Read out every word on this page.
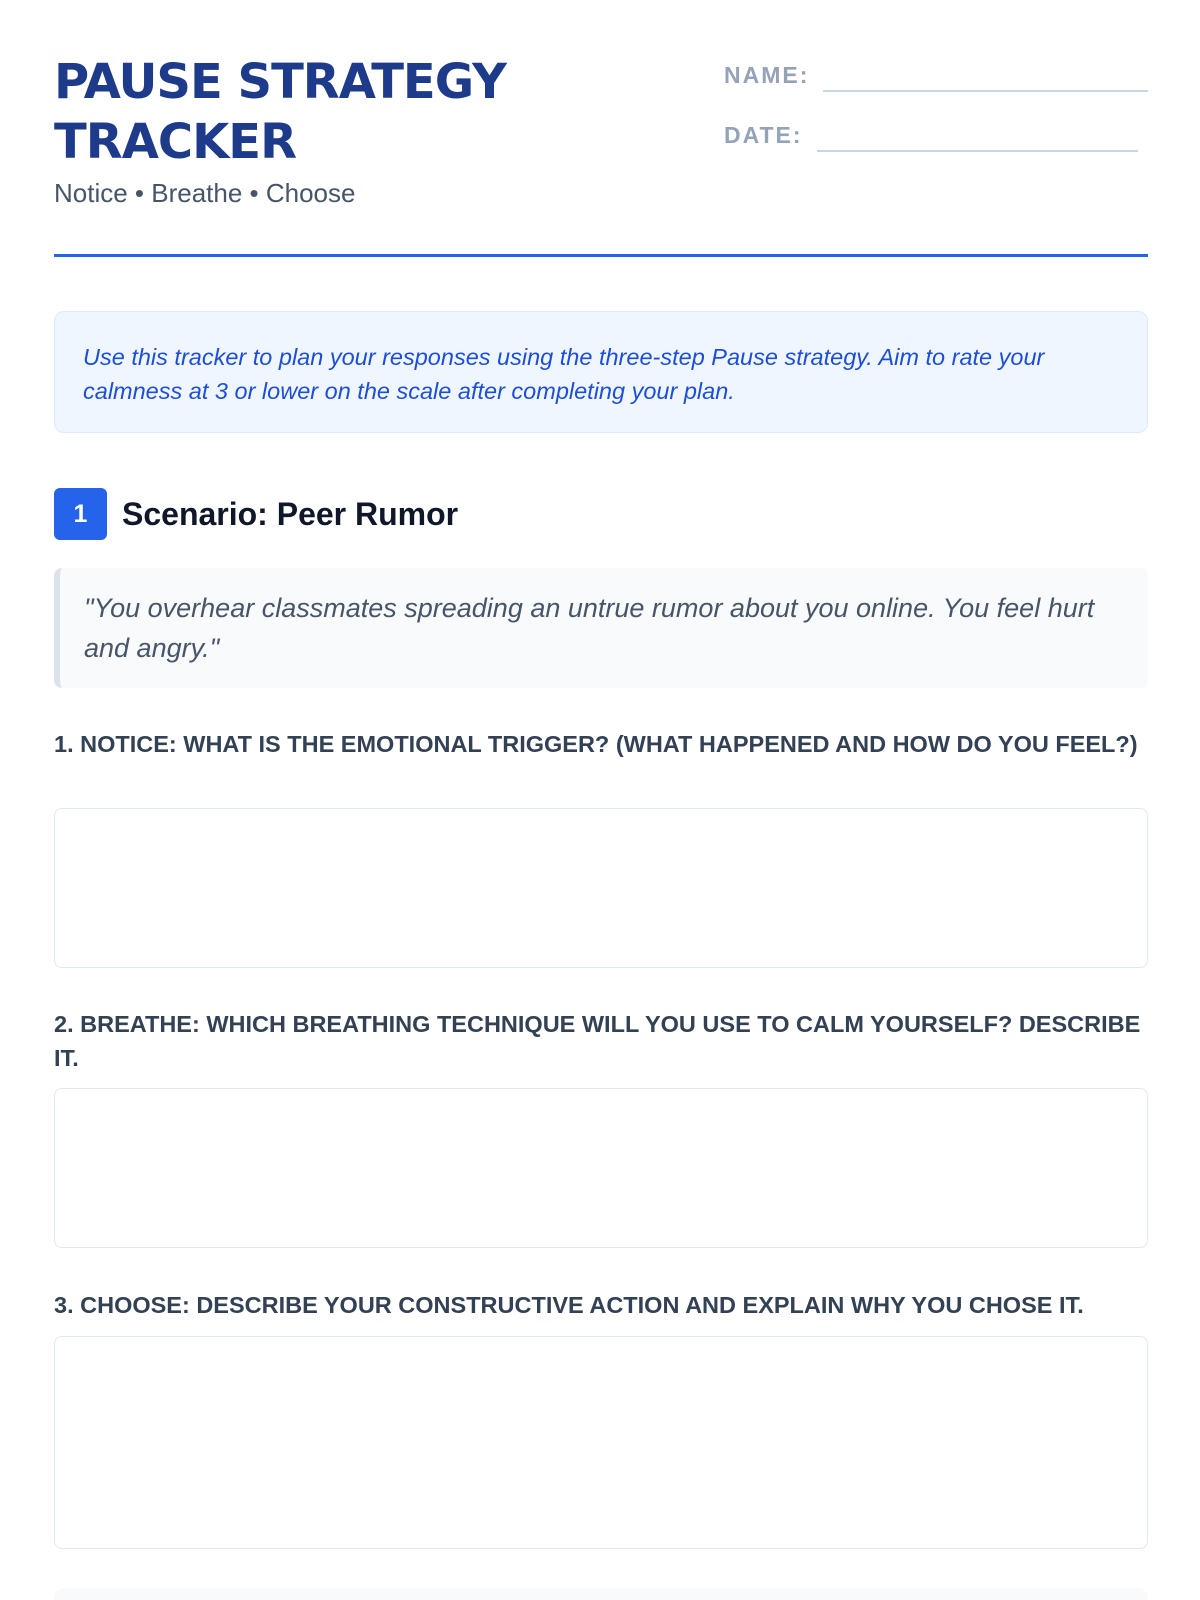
PAUSE STRATEGY TRACKER
Notice • Breathe • Choose
NAME:
DATE:

Use this tracker to plan your responses using the three-step Pause strategy. Aim to rate your calmness at 3 or lower on the scale after completing your plan.

1	Scenario: Peer Rumor

"You overhear classmates spreading an untrue rumor about you online. You feel hurt and angry."

1. NOTICE: WHAT IS THE EMOTIONAL TRIGGER? (WHAT HAPPENED AND HOW DO YOU FEEL?)
2. BREATHE: WHICH BREATHING TECHNIQUE WILL YOU USE TO CALM YOURSELF? DESCRIBE IT.
3. CHOOSE: DESCRIBE YOUR CONSTRUCTIVE ACTION AND EXPLAIN WHY YOU CHOSE IT.
